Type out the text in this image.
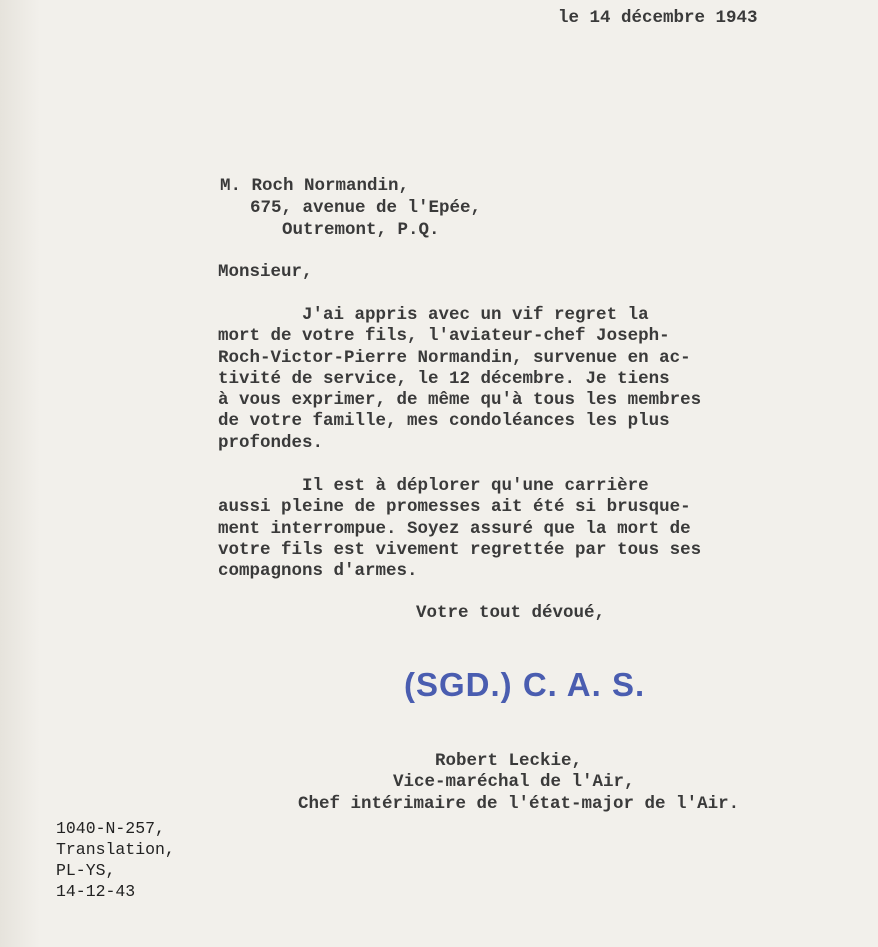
le 14 décembre 1943
M. Roch Normandin,
675, avenue de l'Epée,
Outremont, P.Q.
Monsieur,
J'ai appris avec un vif regret la
mort de votre fils, l'aviateur-chef Joseph-
Roch-Victor-Pierre Normandin, survenue en ac-
tivité de service, le 12 décembre. Je tiens
à vous exprimer, de même qu'à tous les membres
de votre famille, mes condoléances les plus
profondes.
Il est à déplorer qu'une carrière
aussi pleine de promesses ait été si brusque-
ment interrompue. Soyez assuré que la mort de
votre fils est vivement regrettée par tous ses
compagnons d'armes.
Votre tout dévoué,
(SGD.) C. A. S.
Robert Leckie,
Vice-maréchal de l'Air,
Chef intérimaire de l'état-major de l'Air.
1040-N-257,
Translation,
PL-YS,
14-12-43
